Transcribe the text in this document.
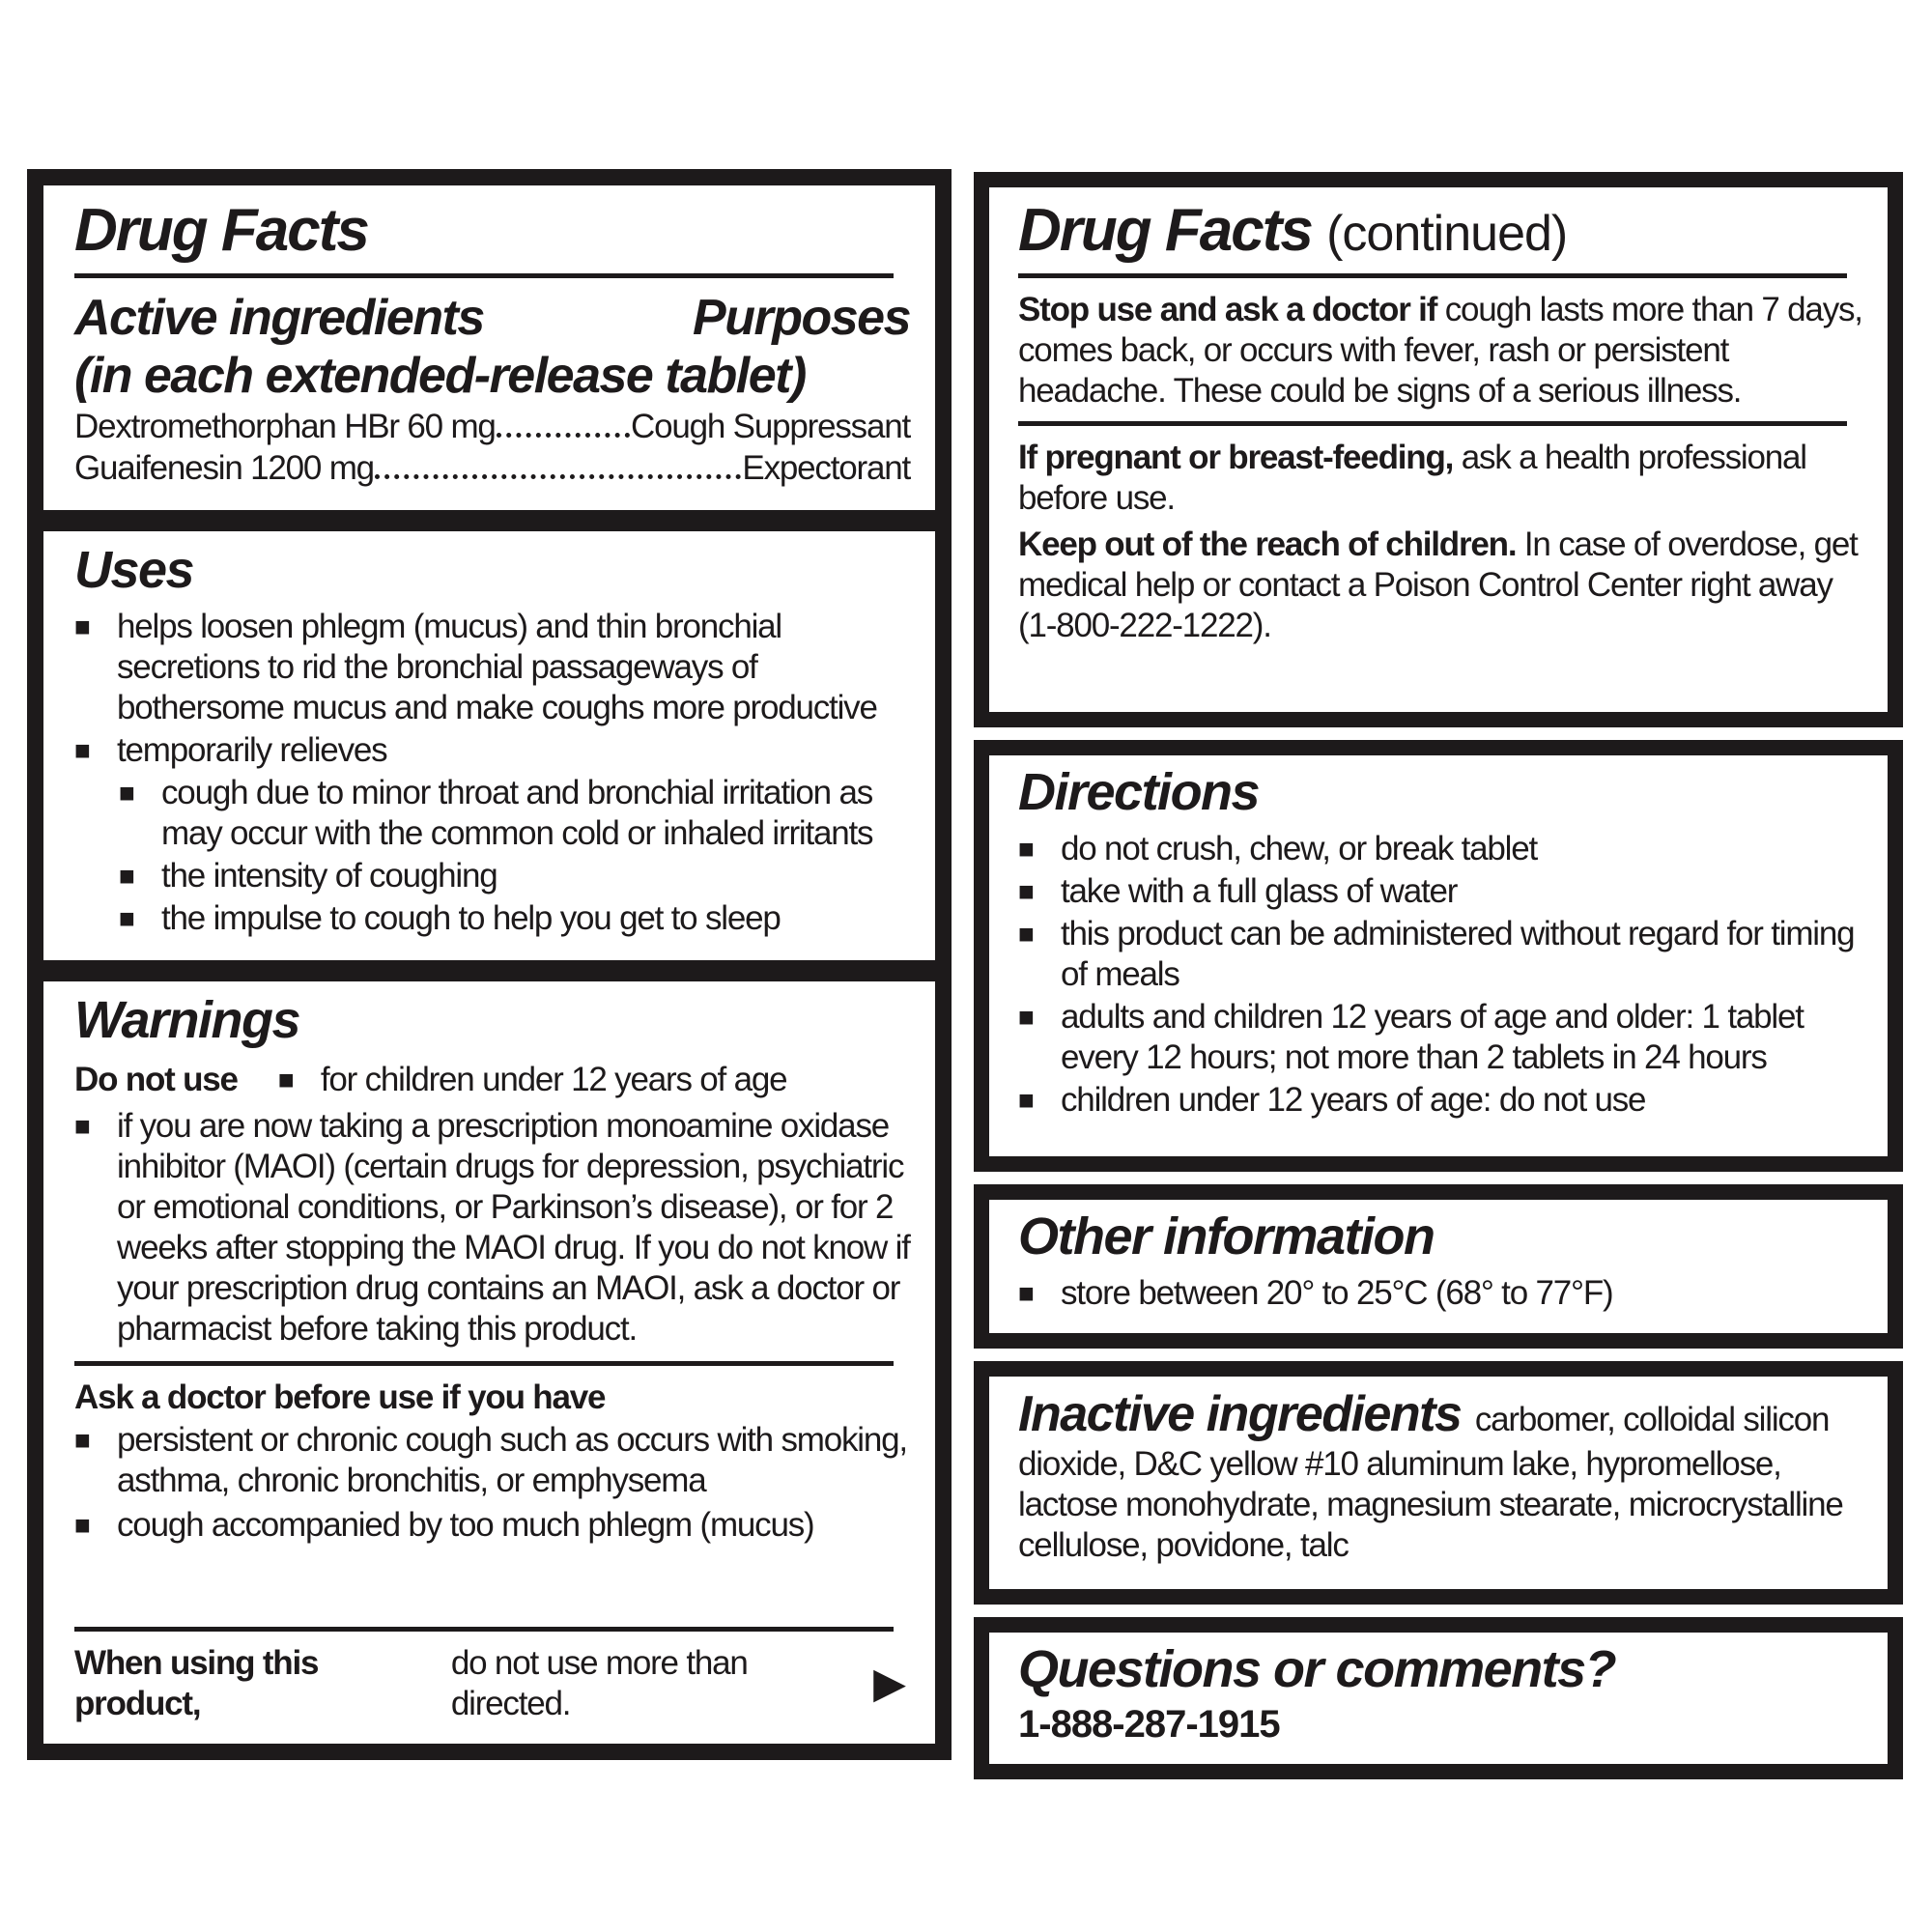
Drug Facts
Active ingredients	Purposes
(in each extended-release tablet)
Dextromethorphan HBr 60 mg	Cough Suppressant
Guaifenesin 1200 mg	Expectorant
Uses
■ helps loosen phlegm (mucus) and thin bronchial secretions to rid the bronchial passageways of bothersome mucus and make coughs more productive
■ temporarily relieves
■ cough due to minor throat and bronchial irritation as may occur with the common cold or inhaled irritants
■ the intensity of coughing
■ the impulse to cough to help you get to sleep
Warnings
Do not use ■ for children under 12 years of age
■ if you are now taking a prescription monoamine oxidase inhibitor (MAOI) (certain drugs for depression, psychiatric or emotional conditions, or Parkinson’s disease), or for 2 weeks after stopping the MAOI drug. If you do not know if your prescription drug contains an MAOI, ask a doctor or pharmacist before taking this product.
Ask a doctor before use if you have
■ persistent or chronic cough such as occurs with smoking, asthma, chronic bronchitis, or emphysema
■ cough accompanied by too much phlegm (mucus)
When using this product,
do not use more than directed.	▶
Drug Facts (continued)
Stop use and ask a doctor if cough lasts more than 7 days, comes back, or occurs with fever, rash or persistent headache. These could be signs of a serious illness.
If pregnant or breast-feeding, ask a health professional before use.
Keep out of the reach of children. In case of overdose, get medical help or contact a Poison Control Center right away (1-800-222-1222).
Directions
■ do not crush, chew, or break tablet
■ take with a full glass of water
■ this product can be administered without regard for timing of meals
■ adults and children 12 years of age and older: 1 tablet every 12 hours; not more than 2 tablets in 24 hours
■ children under 12 years of age: do not use
Other information
■ store between 20° to 25°C (68° to 77°F)
Inactive ingredients carbomer, colloidal silicon dioxide, D&C yellow #10 aluminum lake, hypromellose, lactose monohydrate, magnesium stearate, microcrystalline cellulose, povidone, talc
Questions or comments?
1-888-287-1915
